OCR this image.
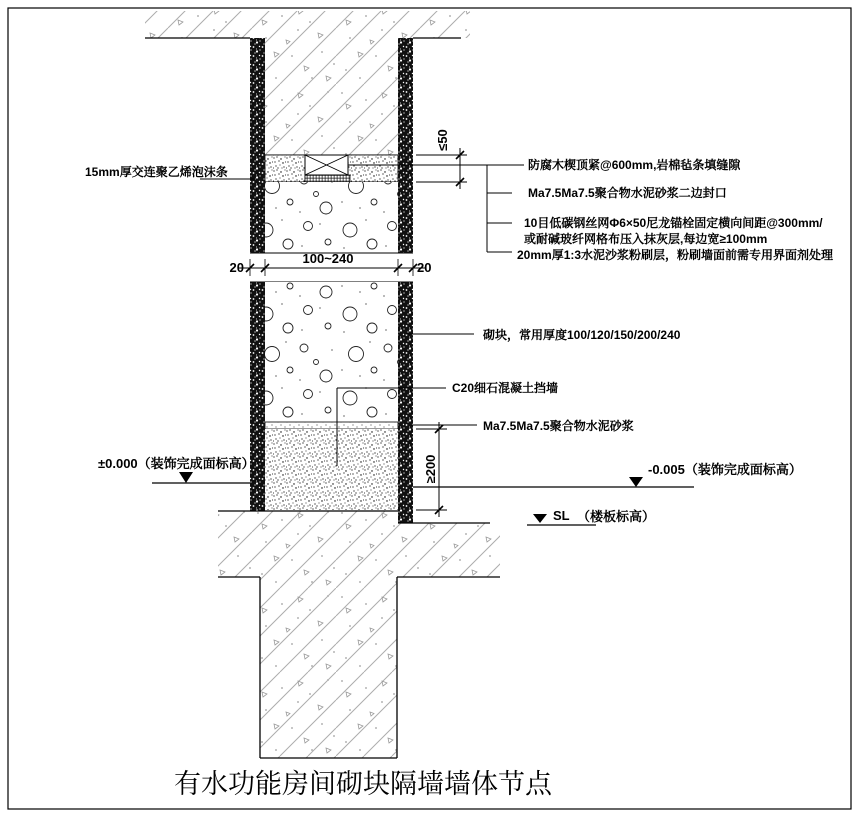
≤50
防腐木楔顶紧@600mm,岩棉毡条填缝隙
Ma7.5Ma7.5聚合物水泥砂浆二边封口
10目低碳钢丝网Φ6×50尼龙锚栓固定横向间距@300mm/
或耐碱玻纤网格布压入抹灰层,每边宽≥100mm
20mm厚1:3水泥沙浆粉刷层，粉刷墙面前需专用界面剂处理
15mm厚交连聚乙烯泡沫条
20
100~240
20
砌块，常用厚度100/120/150/200/240
C20细石混凝土挡墙
Ma7.5Ma7.5聚合物水泥砂浆
≥200
±0.000（装饰完成面标高）	-0.005（装饰完成面标高）
SL （楼板标高）
有水功能房间砌块隔墙墙体节点
